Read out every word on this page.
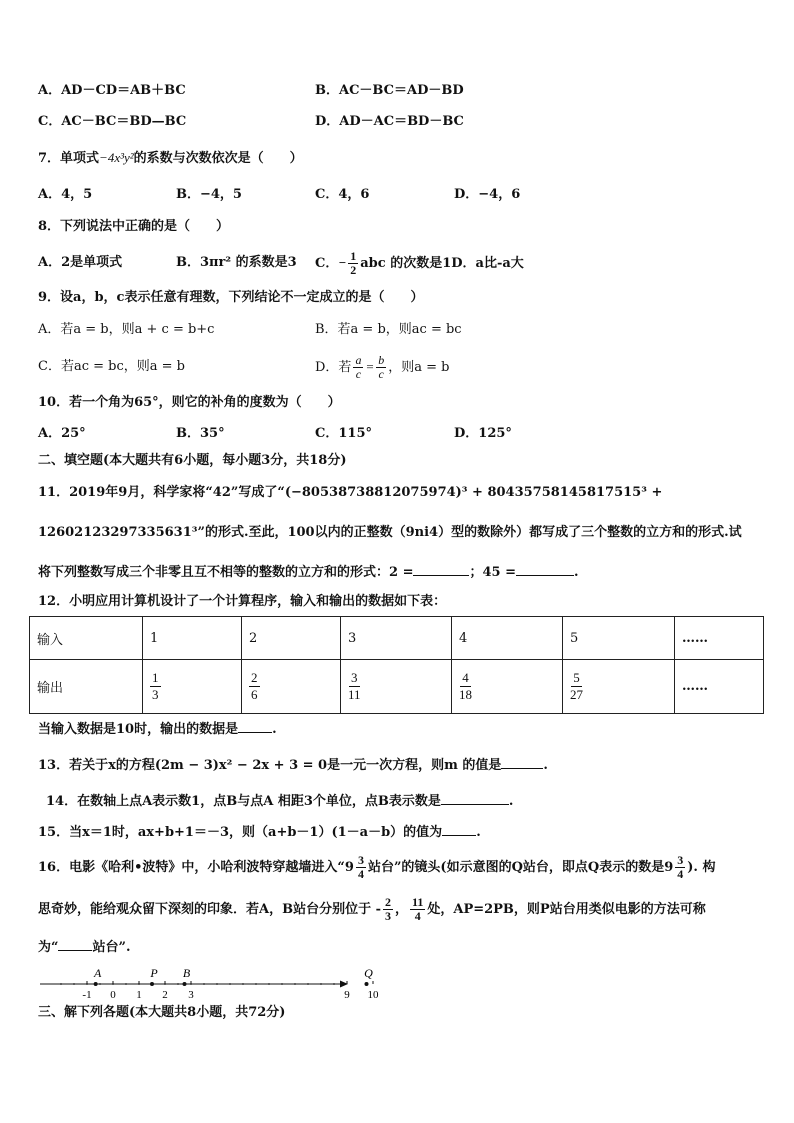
A．AD－CD＝AB＋BC	B．AC－BC＝AD－BD
C．AC－BC＝BD—BC	D．AD－AC＝BD－BC
7．单项式−4x³y²的系数与次数依次是（　　）
A．4，5	B．−4，5	C．4，6	D．−4，6
8．下列说法中正确的是（　　）
A．2是单项式	B．3πr² 的系数是3 C．− $\frac{1}{2}$ abc 的次数是1D．a比-a大
9．设a，b，c表示任意有理数，下列结论不一定成立的是（　　）
A．若a = b，则a + c = b+c	B．若a = b，则ac = bc
C．若ac = bc，则a = b	D．若 $\frac{a}{c} = \frac{b}{c}$ ，则a = b
10．若一个角为65°，则它的补角的度数为（　　）
A．25°	B．35°	C．115°	D．125°
二、填空题(本大题共有6小题，每小题3分，共18分)
11．2019年9月，科学家将“42”写成了“(−80538738812075974)³ + 80435758145817515³ +
12602123297335631³”的形式.至此，100以内的正整数（9ni4）型的数除外）都写成了三个整数的立方和的形式.试
将下列整数写成三个非零且互不相等的整数的立方和的形式：2 =	；45 =	.
12．小明应用计算机设计了一个计算程序，输入和输出的数据如下表：
输入	1	2	3	4	5	……
输出	$\frac{1}{3}$	$\frac{2}{6}$	$\frac{3}{11}$	$\frac{4}{18}$	$\frac{5}{27}$	……
当输入数据是10时，输出的数据是	.
13．若关于x的方程(2m − 3)x² − 2x + 3 = 0是一元一次方程，则m 的值是	.
14．在数轴上点A表示数1，点B与点A 相距3个单位，点B表示数是	.
15．当x＝1时，ax+b+1＝－3，则（a+b－1）(1－a－b）的值为	.
16．电影《哈利•波特》中，小哈利波特穿越墙进入“$9 \frac{3}{4}$ 站台”的镜头(如示意图的Q站台，即点Q表示的数是$9 \frac{3}{4}$ ). 构
思奇妙，能给观众留下深刻的印象．若A，B站台分别位于 - $\frac{2}{3}$ ， $\frac{11}{4}$ 处，AP=2PB，则P站台用类似电影的方法可称
为“	站台”.
-1 0 1 2 3	9 10
A	P B	Q
三、解下列各题(本大题共8小题，共72分)
